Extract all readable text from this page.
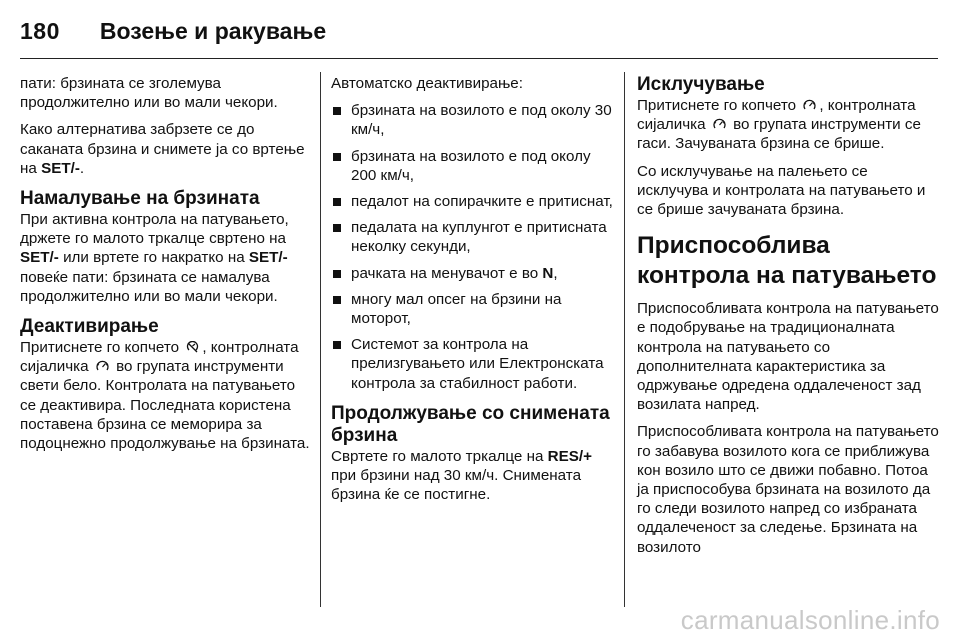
180 Возење и ракување

пати: брзината се зголемува продолжително или во мали чекори.

Како алтернатива забрзете се до саканата брзина и снимете ја со вртење на SET/-.

Намалување на брзината

При активна контрола на патувањето, држете го малото тркалце свртено на SET/- или вртете го накратко на SET/- повеќе пати: брзината се намалува продолжително или во мали чекори.

Деактивирање

Притиснете го копчето , контролната сијаличка во групата инструменти свети бело. Контролата на патувањето се деактивира. Последната користена поставена брзина се меморира за подоцнежно продолжување на брзината.

Автоматско деактивирање:

брзината на возилото е под околу 30 км/ч,
брзината на возилото е под околу 200 км/ч,
педалот на сопирачките е притиснат,
педалата на куплунгот е притисната неколку секунди,
рачката на менувачот е во N,
многу мал опсег на брзини на моторот,
Системот за контрола на прелизгувањето или Електронската контрола за стабилност работи.
Продолжување со снимената брзина

Свртете го малото тркалце на RES/+ при брзини над 30 км/ч. Снимената брзина ќе се постигне.

Исклучување

Притиснете го копчето , контролната сијаличка во групата инструменти се гаси. Зачуваната брзина се брише.

Со исклучување на палењето се исклучува и контролата на патувањето и се брише зачуваната брзина.

Приспособлива контрола на патувањето

Приспособливата контрола на патувањето е подобрување на традиционалната контрола на патувањето со дополнителната карактеристика за одржување одредена оддалеченост зад возилата напред.

Приспособливата контрола на патувањето го забавува возилото кога се приближува кон возило што се движи побавно. Потоа ја приспособува брзината на возилото да го следи возилото напред со избраната оддалеченост за следење. Брзината на возилото

carmanualsonline.info
